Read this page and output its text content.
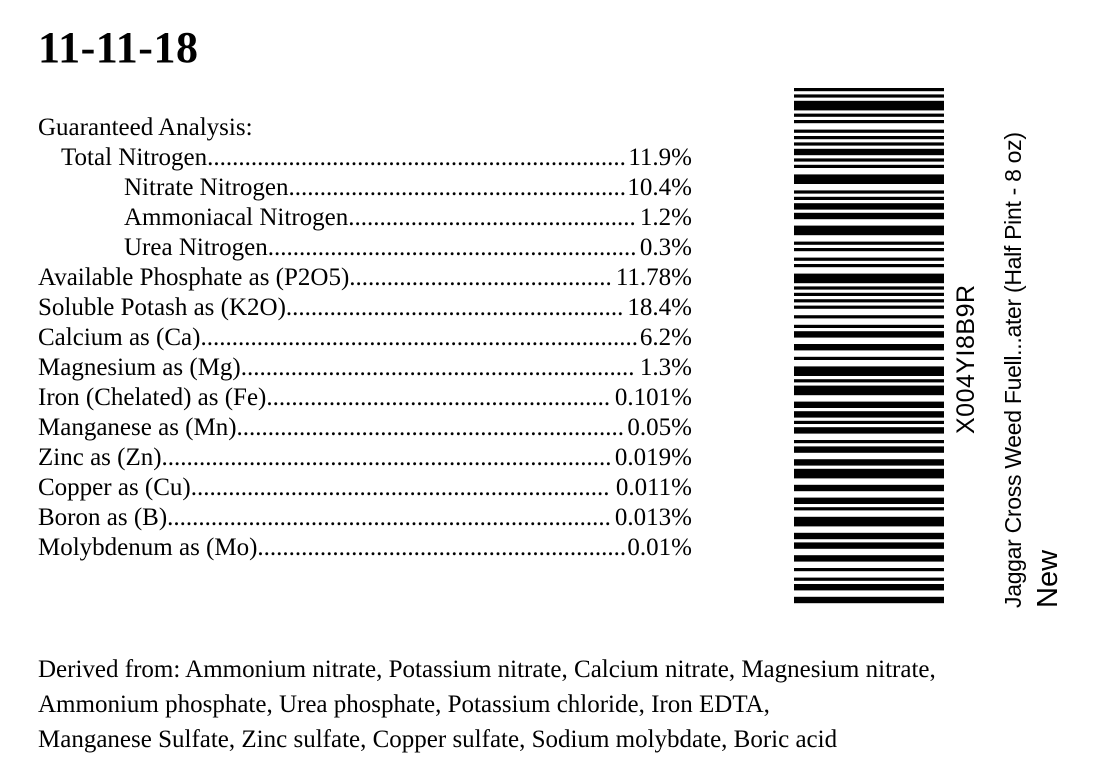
11-11-18
Guaranteed Analysis:
Total Nitrogen................................................................... 11.9%
Nitrate Nitrogen...................................................... 10.4%
Ammoniacal Nitrogen.............................................. 1.2%
Urea Nitrogen........................................................... 0.3%
Available Phosphate as (P2O5).......................................... 11.78%
Soluble Potash as (K2O)...................................................... 18.4%
Calcium as (Ca)...................................................................... 6.2%
Magnesium as (Mg)............................................................... 1.3%
Iron (Chelated) as (Fe)....................................................... 0.101%
Manganese as (Mn).............................................................. 0.05%
Zinc as (Zn)........................................................................ 0.019%
Copper as (Cu)................................................................... 0.011%
Boron as (B)....................................................................... 0.013%
Molybdenum as (Mo)........................................................... 0.01%
X004YI8B9R Jaggar Cross Weed Fuell...ater (Half Pint - 8 oz) New
Derived from: Ammonium nitrate, Potassium nitrate, Calcium nitrate, Magnesium nitrate,
Ammonium phosphate, Urea phosphate, Potassium chloride, Iron EDTA,
Manganese Sulfate, Zinc sulfate, Copper sulfate, Sodium molybdate, Boric acid
